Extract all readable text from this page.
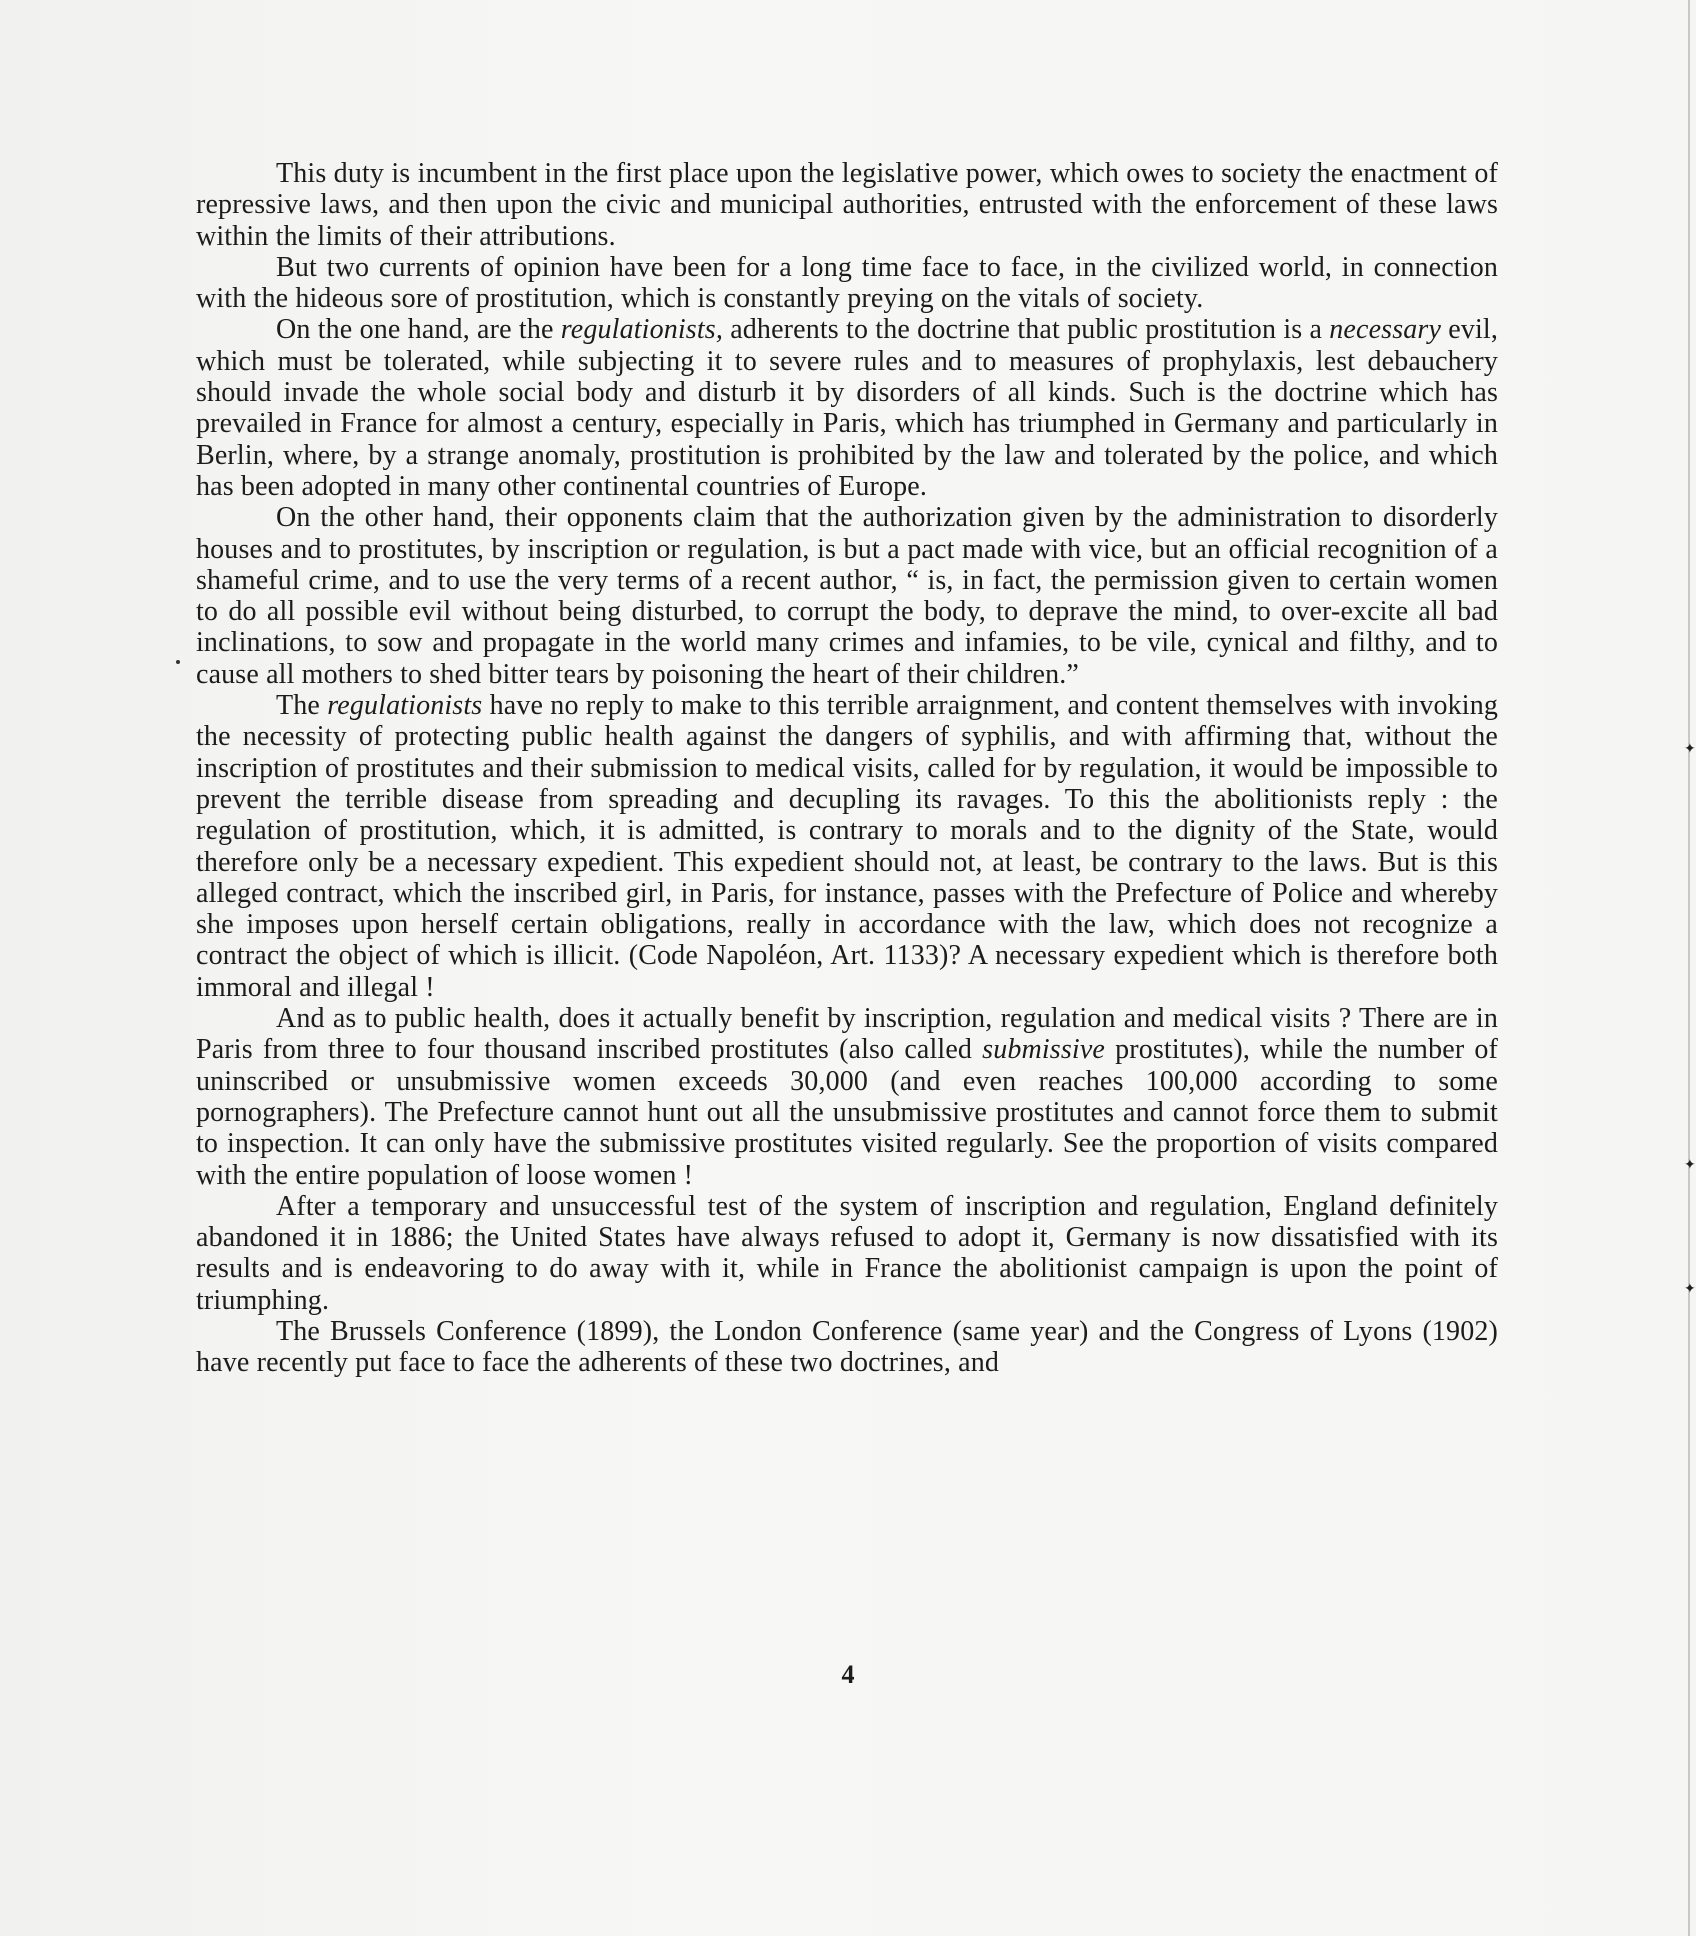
✦
✦
✦

This duty is incumbent in the first place upon the legislative power, which owes to society the enactment of repressive laws, and then upon the civic and municipal authorities, entrusted with the enforcement of these laws within the limits of their attributions.

But two currents of opinion have been for a long time face to face, in the civilized world, in connection with the hideous sore of prostitution, which is constantly preying on the vitals of society.

On the one hand, are the regulationists, adherents to the doctrine that public prostitution is a necessary evil, which must be tolerated, while subjecting it to severe rules and to measures of prophylaxis, lest debauchery should invade the whole social body and disturb it by disorders of all kinds. Such is the doctrine which has prevailed in France for almost a century, especially in Paris, which has triumphed in Germany and particularly in Berlin, where, by a strange anomaly, prostitution is prohibited by the law and tolerated by the police, and which has been adopted in many other continental countries of Europe.

On the other hand, their opponents claim that the authorization given by the administration to disorderly houses and to prostitutes, by inscription or regulation, is but a pact made with vice, but an official recognition of a shameful crime, and to use the very terms of a recent author, “ is, in fact, the permission given to certain women to do all possible evil without being disturbed, to corrupt the body, to deprave the mind, to over-excite all bad inclinations, to sow and propagate in the world many crimes and infamies, to be vile, cynical and filthy, and to cause all mothers to shed bitter tears by poisoning the heart of their children.”

The regulationists have no reply to make to this terrible arraignment, and content themselves with invoking the necessity of protecting public health against the dangers of syphilis, and with affirming that, without the inscription of prostitutes and their submission to medical visits, called for by regulation, it would be impossible to prevent the terrible disease from spreading and decupling its ravages. To this the abolitionists reply : the regulation of prostitution, which, it is admitted, is contrary to morals and to the dignity of the State, would therefore only be a necessary expedient. This expedient should not, at least, be contrary to the laws. But is this alleged contract, which the inscribed girl, in Paris, for instance, passes with the Prefecture of Police and whereby she imposes upon herself certain obligations, really in accordance with the law, which does not recognize a contract the object of which is illicit. (Code Napoléon, Art. 1133)? A necessary expedient which is therefore both immoral and illegal !

And as to public health, does it actually benefit by inscription, regulation and medical visits ? There are in Paris from three to four thousand inscribed prostitutes (also called submissive prostitutes), while the number of uninscribed or unsubmissive women exceeds 30,000 (and even reaches 100,000 according to some pornographers). The Prefecture cannot hunt out all the unsubmissive prostitutes and cannot force them to submit to inspection. It can only have the submissive prostitutes visited regularly. See the proportion of visits compared with the entire population of loose women !

After a temporary and unsuccessful test of the system of inscription and regulation, England definitely abandoned it in 1886; the United States have always refused to adopt it, Germany is now dissatisfied with its results and is endeavoring to do away with it, while in France the abolitionist campaign is upon the point of triumphing.

The Brussels Conference (1899), the London Conference (same year) and the Congress of Lyons (1902) have recently put face to face the adherents of these two doctrines, and

4
